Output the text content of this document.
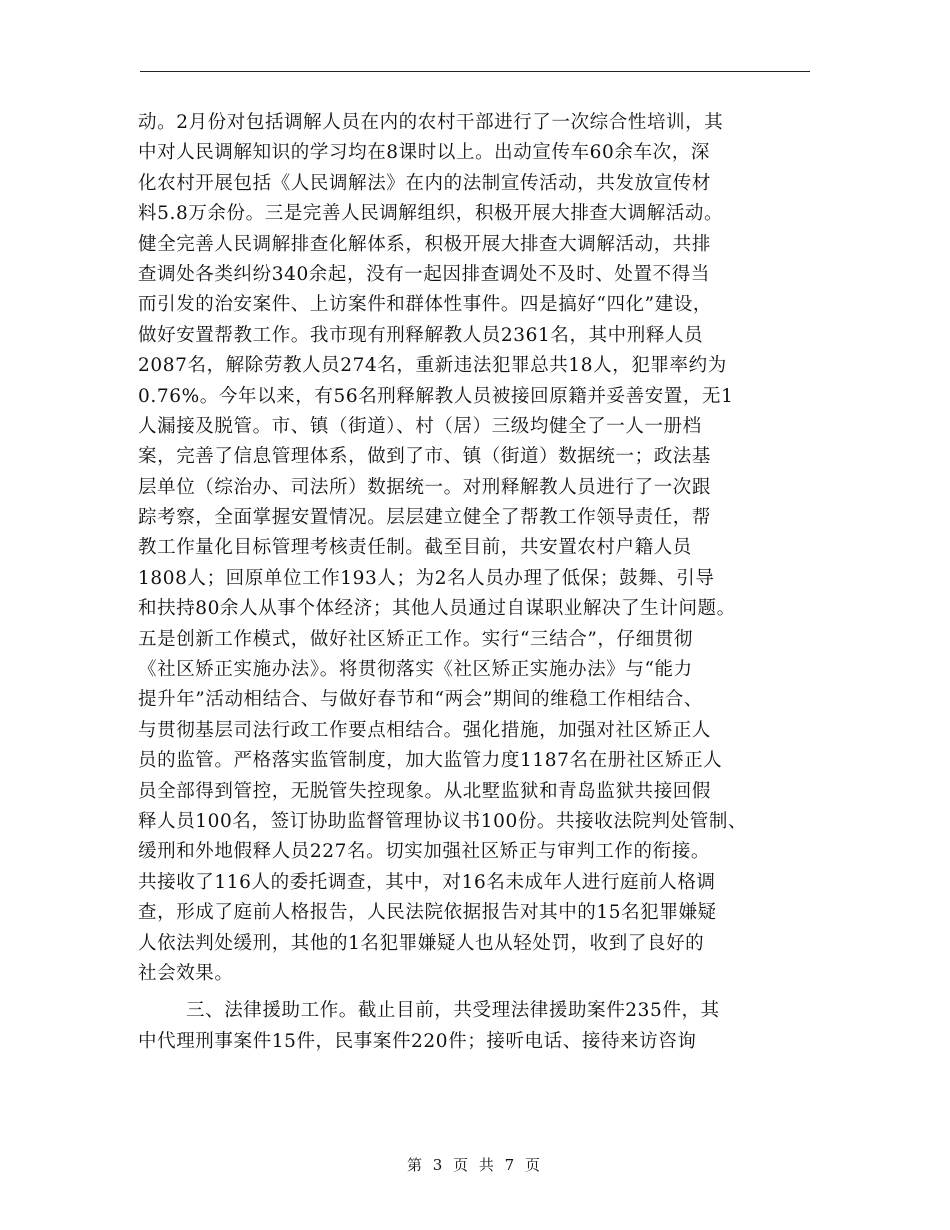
动。2月份对包括调解人员在内的农村干部进行了一次综合性培训，其
中对人民调解知识的学习均在8课时以上。出动宣传车60余车次，深
化农村开展包括《人民调解法》在内的法制宣传活动，共发放宣传材
料5.8万余份。三是完善人民调解组织，积极开展大排查大调解活动。
健全完善人民调解排查化解体系，积极开展大排查大调解活动，共排
查调处各类纠纷340余起，没有一起因排查调处不及时、处置不得当
而引发的治安案件、上访案件和群体性事件。四是搞好“四化”建设，
做好安置帮教工作。我市现有刑释解教人员2361名，其中刑释人员
2087名，解除劳教人员274名，重新违法犯罪总共18人，犯罪率约为
0.76%。今年以来，有56名刑释解教人员被接回原籍并妥善安置，无1
人漏接及脱管。市、镇（街道）、村（居）三级均健全了一人一册档
案，完善了信息管理体系，做到了市、镇（街道）数据统一；政法基
层单位（综治办、司法所）数据统一。对刑释解教人员进行了一次跟
踪考察，全面掌握安置情况。层层建立健全了帮教工作领导责任，帮
教工作量化目标管理考核责任制。截至目前，共安置农村户籍人员
1808人；回原单位工作193人；为2名人员办理了低保；鼓舞、引导
和扶持80余人从事个体经济；其他人员通过自谋职业解决了生计问题。
五是创新工作模式，做好社区矫正工作。实行“三结合”，仔细贯彻
《社区矫正实施办法》。将贯彻落实《社区矫正实施办法》与“能力
提升年”活动相结合、与做好春节和“两会”期间的维稳工作相结合、
与贯彻基层司法行政工作要点相结合。强化措施，加强对社区矫正人
员的监管。严格落实监管制度，加大监管力度1187名在册社区矫正人
员全部得到管控，无脱管失控现象。从北墅监狱和青岛监狱共接回假
释人员100名，签订协助监督管理协议书100份。共接收法院判处管制、
缓刑和外地假释人员227名。切实加强社区矫正与审判工作的衔接。
共接收了116人的委托调查，其中，对16名未成年人进行庭前人格调
查，形成了庭前人格报告，人民法院依据报告对其中的15名犯罪嫌疑
人依法判处缓刑，其他的1名犯罪嫌疑人也从轻处罚，收到了良好的
社会效果。
三、法律援助工作。截止目前，共受理法律援助案件235件，其
中代理刑事案件15件，民事案件220件；接听电话、接待来访咨询
第 3 页 共 7 页
